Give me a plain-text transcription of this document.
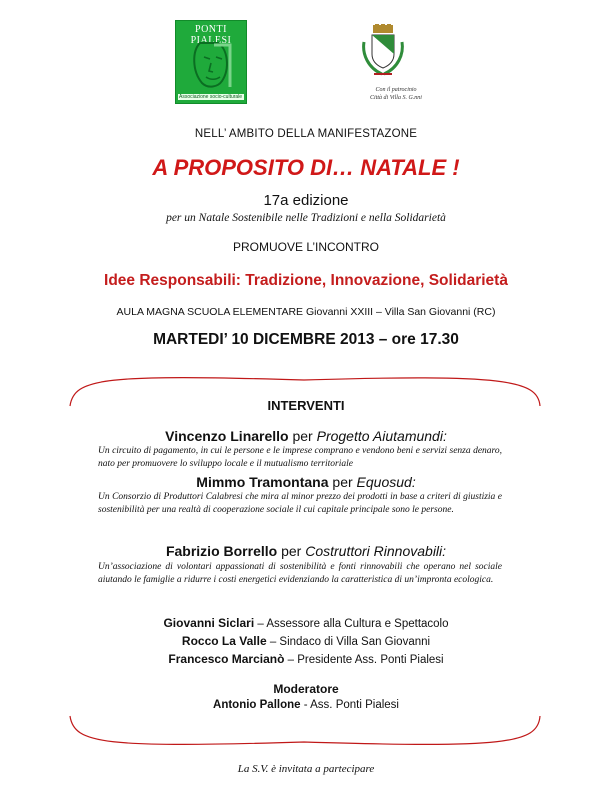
PONTI PIALESI
Associazione socio-culturale
Con il patrocinio
Città di Villa S. G.nni
NELL’ AMBITO DELLA MANIFESTAZONE
A PROPOSITO DI… NATALE !
17a edizione
per un Natale Sostenibile nelle Tradizioni e nella Solidarietà
PROMUOVE L’INCONTRO
Idee Responsabili: Tradizione, Innovazione, Solidarietà
AULA MAGNA SCUOLA ELEMENTARE Giovanni XXIII – Villa San Giovanni (RC)
MARTEDI’ 10 DICEMBRE 2013 – ore 17.30
INTERVENTI
Vincenzo Linarello per Progetto Aiutamundi:
Un circuito di pagamento, in cui le persone e le imprese comprano e vendono beni e servizi senza denaro, nato per promuovere lo sviluppo locale e il mutualismo territoriale
Mimmo Tramontana per Equosud:
Un Consorzio di Produttori Calabresi che mira al minor prezzo dei prodotti in base a criteri di giustizia e sostenibilità per una realtà di cooperazione sociale il cui capitale principale sono le persone.
Fabrizio Borrello per Costruttori Rinnovabili:
Un’associazione di volontari appassionati di sostenibilità e fonti rinnovabili che operano nel sociale aiutando le famiglie a ridurre i costi energetici evidenziando la caratteristica di un’impronta ecologica.
Giovanni Siclari – Assessore alla Cultura e Spettacolo
Rocco La Valle – Sindaco di Villa San Giovanni
Francesco Marcianò – Presidente Ass. Ponti Pialesi
Moderatore
Antonio Pallone - Ass. Ponti Pialesi
La S.V. è invitata a partecipare
